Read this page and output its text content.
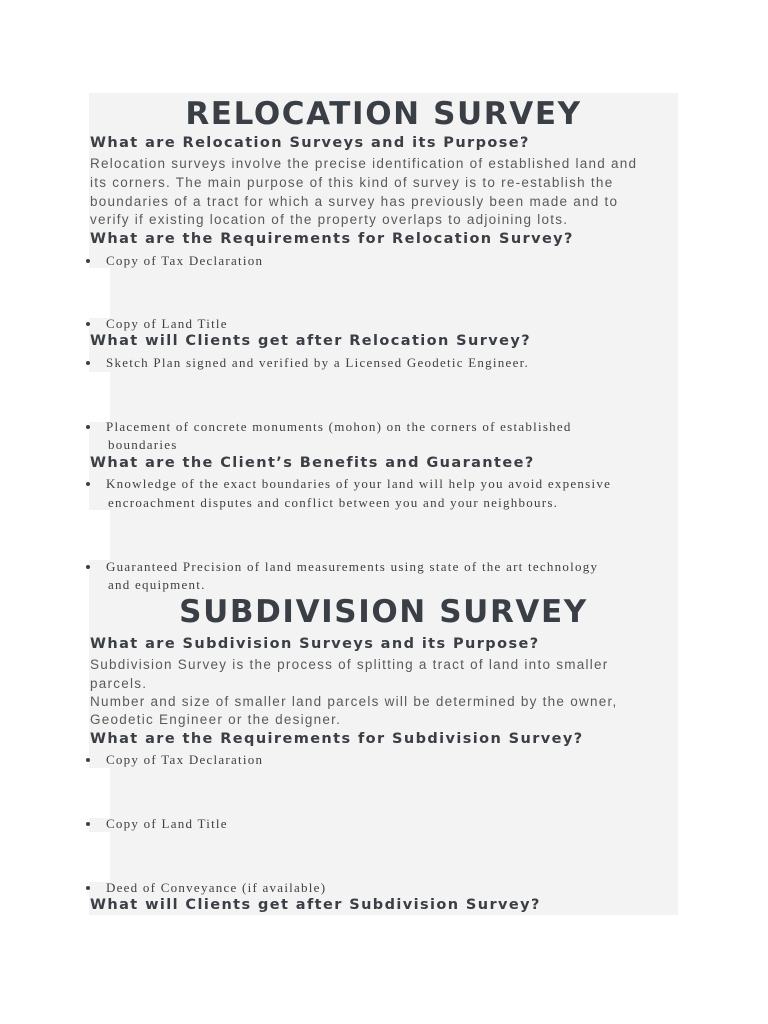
RELOCATION SURVEY
What are Relocation Surveys and its Purpose?
Relocation surveys involve the precise identification of established land and
its corners. The main purpose of this kind of survey is to re-establish the
boundaries of a tract for which a survey has previously been made and to
verify if existing location of the property overlaps to adjoining lots.
What are the Requirements for Relocation Survey?
Copy of Tax Declaration
Copy of Land Title
What will Clients get after Relocation Survey?
Sketch Plan signed and verified by a Licensed Geodetic Engineer.
Placement of concrete monuments (mohon) on the corners of established
boundaries
What are the Client’s Benefits and Guarantee?
Knowledge of the exact boundaries of your land will help you avoid expensive
encroachment disputes and conflict between you and your neighbours.
Guaranteed Precision of land measurements using state of the art technology
and equipment.
SUBDIVISION SURVEY
What are Subdivision Surveys and its Purpose?
Subdivision Survey is the process of splitting a tract of land into smaller
parcels.
Number and size of smaller land parcels will be determined by the owner,
Geodetic Engineer or the designer.
What are the Requirements for Subdivision Survey?
Copy of Tax Declaration
Copy of Land Title
Deed of Conveyance (if available)
What will Clients get after Subdivision Survey?
